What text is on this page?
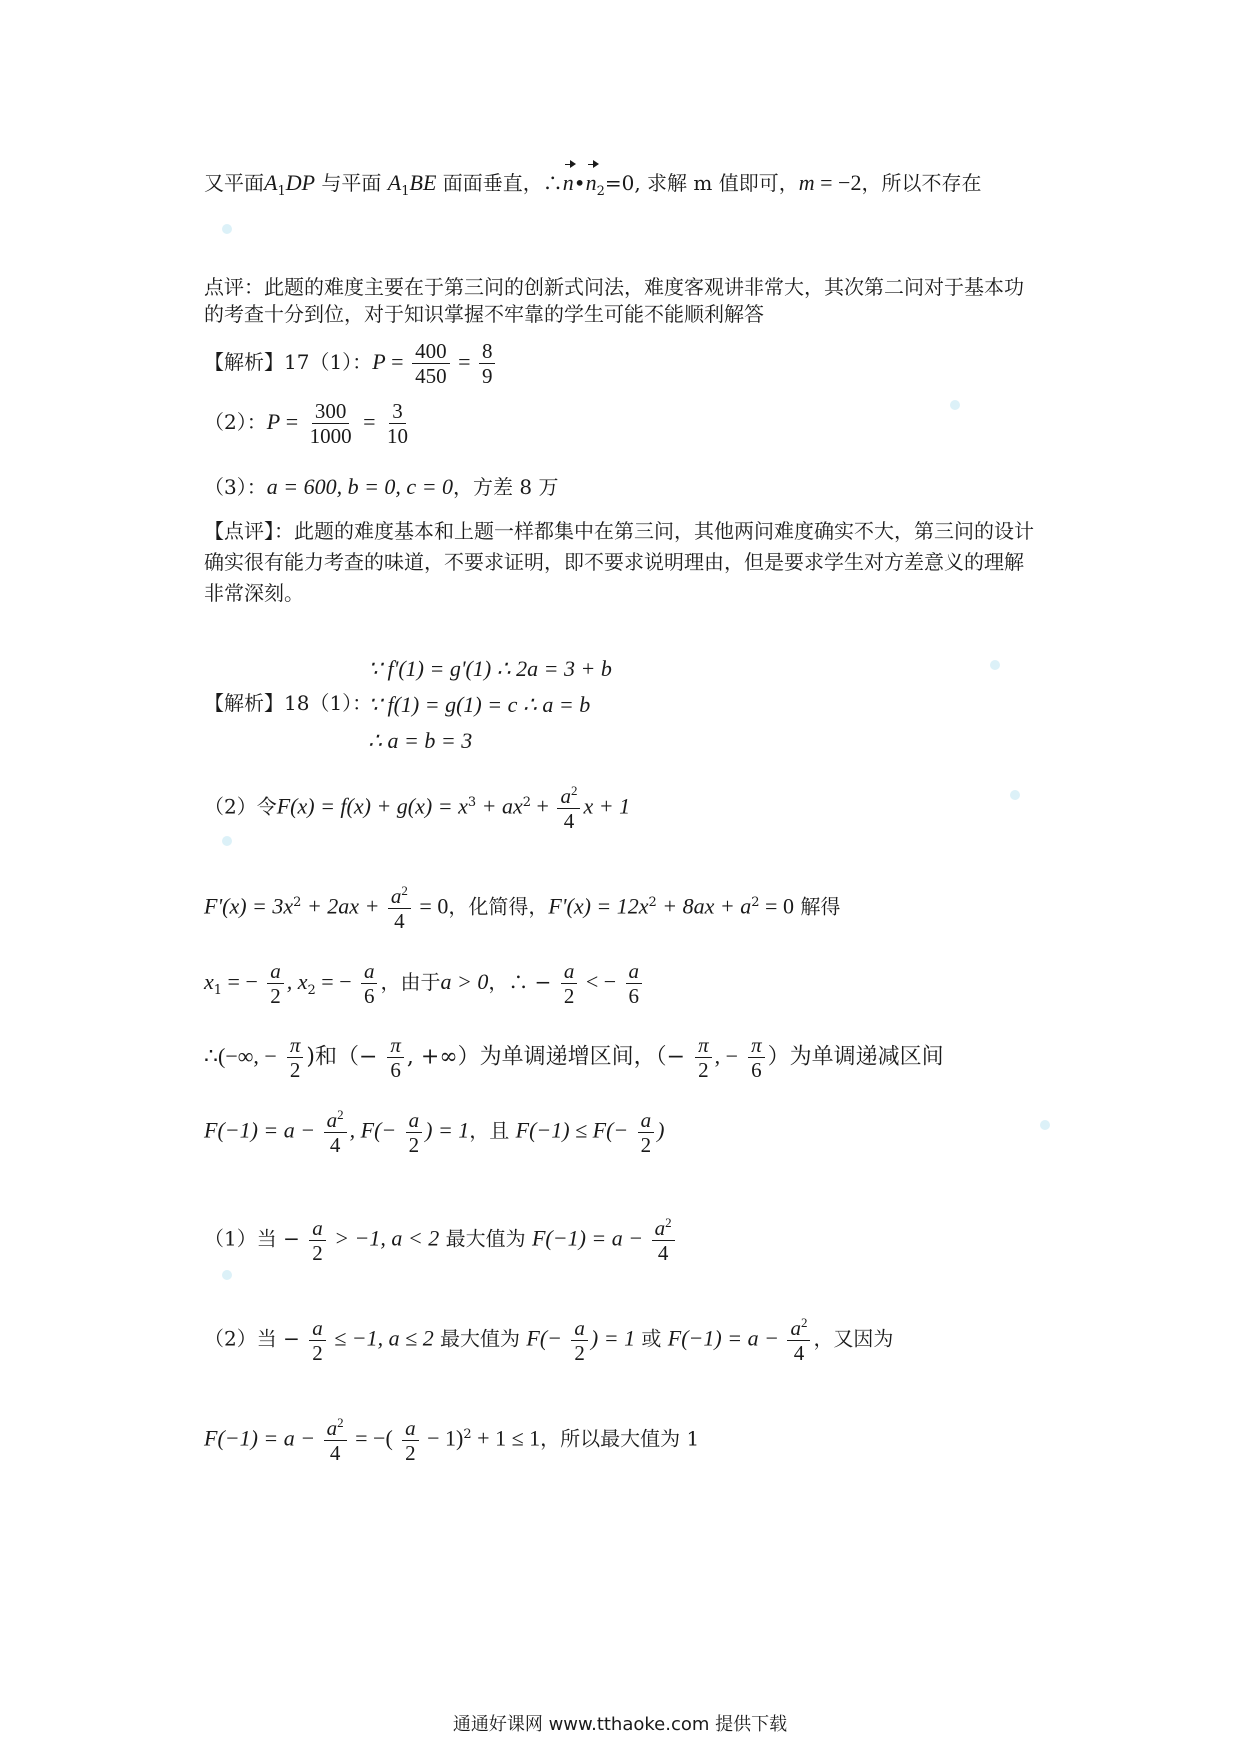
又平面$A_1DP$ 与平面 $A_1BE$ 面面垂直，$\therefore n•n_2=0$, 求解 m 值即可，m = −2，所以不存在
点评：此题的难度主要在于第三问的创新式问法，难度客观讲非常大，其次第二问对于基本功的考查十分到位，对于知识掌握不牢靠的学生可能不能顺利解答
【解析】17（1）：$P = \frac{400}{450} = \frac{8}{9}$
（2）：$P = \frac{300}{1000} = \frac{3}{10}$
（3）：a = 600, b = 0, c = 0，方差 8 万
【点评】：此题的难度基本和上题一样都集中在第三问，其他两问难度确实不大，第三问的设计确实很有能力考查的味道，不要求证明，即不要求说明理由，但是要求学生对方差意义的理解非常深刻。
【解析】18（1）：
∵ f'(1) = g'(1) ∴ 2a = 3 + b
∵ f(1) = g(1) = c ∴ a = b
∴ a = b = 3
（2）令$F(x) = f(x) + g(x) = x^3 + ax^2 + \frac{a^2}{4}$ x + 1
$F'(x) = 3x^2 + 2ax + \frac{a^2}{4} = 0$，化简得，$F'(x) = 12x^2 + 8ax + a^2 = 0$ 解得
$x_1$ = − $\frac{a}{2}$ , $x_2$ = − $\frac{a}{6}$ ，由于a > 0，∴ − $\frac{a}{2}$ < − $\frac{a}{6}$
∴(−∞, − $\frac{\pi}{2}$ )和（− $\frac{\pi}{6}$ , +∞）为单调递增区间，（− $\frac{\pi}{2}$ , − $\frac{\pi}{6}$ ）为单调递减区间
$F(-1) = a - \frac{a^2}{4}$ , $F(- \frac{a}{2}$ ) = 1，且 $F(-1) \le F(- \frac{a}{2}$ )
（1）当 − $\frac{a}{2} > -1$, a < 2 最大值为 $F(-1) = a - \frac{a^2}{4}$
（2）当 − $\frac{a}{2} \le -1$, a ≤ 2 最大值为 $F(- \frac{a}{2}$ ) = 1 或 $F(-1) = a - \frac{a^2}{4}$ ，又因为
$F(-1) = a - \frac{a^2}{4}$ = −( $\frac{a}{2} - 1)^2 + 1 \le 1$，所以最大值为 1
通通好课网 www.tthaoke.com 提供下载
